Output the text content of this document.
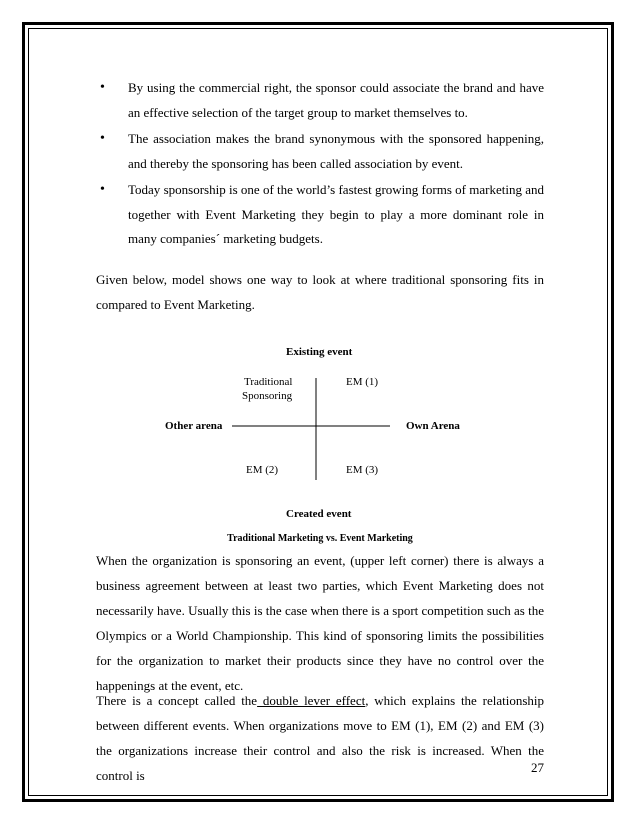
• By using the commercial right, the sponsor could associate the brand and have an effective selection of the target group to market themselves to.
• The association makes the brand synonymous with the sponsored happening, and thereby the sponsoring has been called association by event.
• Today sponsorship is one of the world’s fastest growing forms of marketing and together with Event Marketing they begin to play a more dominant role in many companies´ marketing budgets.

Given below, model shows one way to look at where traditional sponsoring fits in compared to Event Marketing.

Existing event
Traditional
Sponsoring
EM (1)
Other arena	Own Arena
EM (2)	EM (3)
Created event
Traditional Marketing vs. Event Marketing

When the organization is sponsoring an event, (upper left corner) there is always a business agreement between at least two parties, which Event Marketing does not necessarily have. Usually this is the case when there is a sport competition such as the Olympics or a World Championship. This kind of sponsoring limits the possibilities for the organization to market their products since they have no control over the happenings at the event, etc.

There is a concept called the double lever effect, which explains the relationship between different events. When organizations move to EM (1), EM (2) and EM (3) the organizations increase their control and also the risk is increased. When the control is

27
